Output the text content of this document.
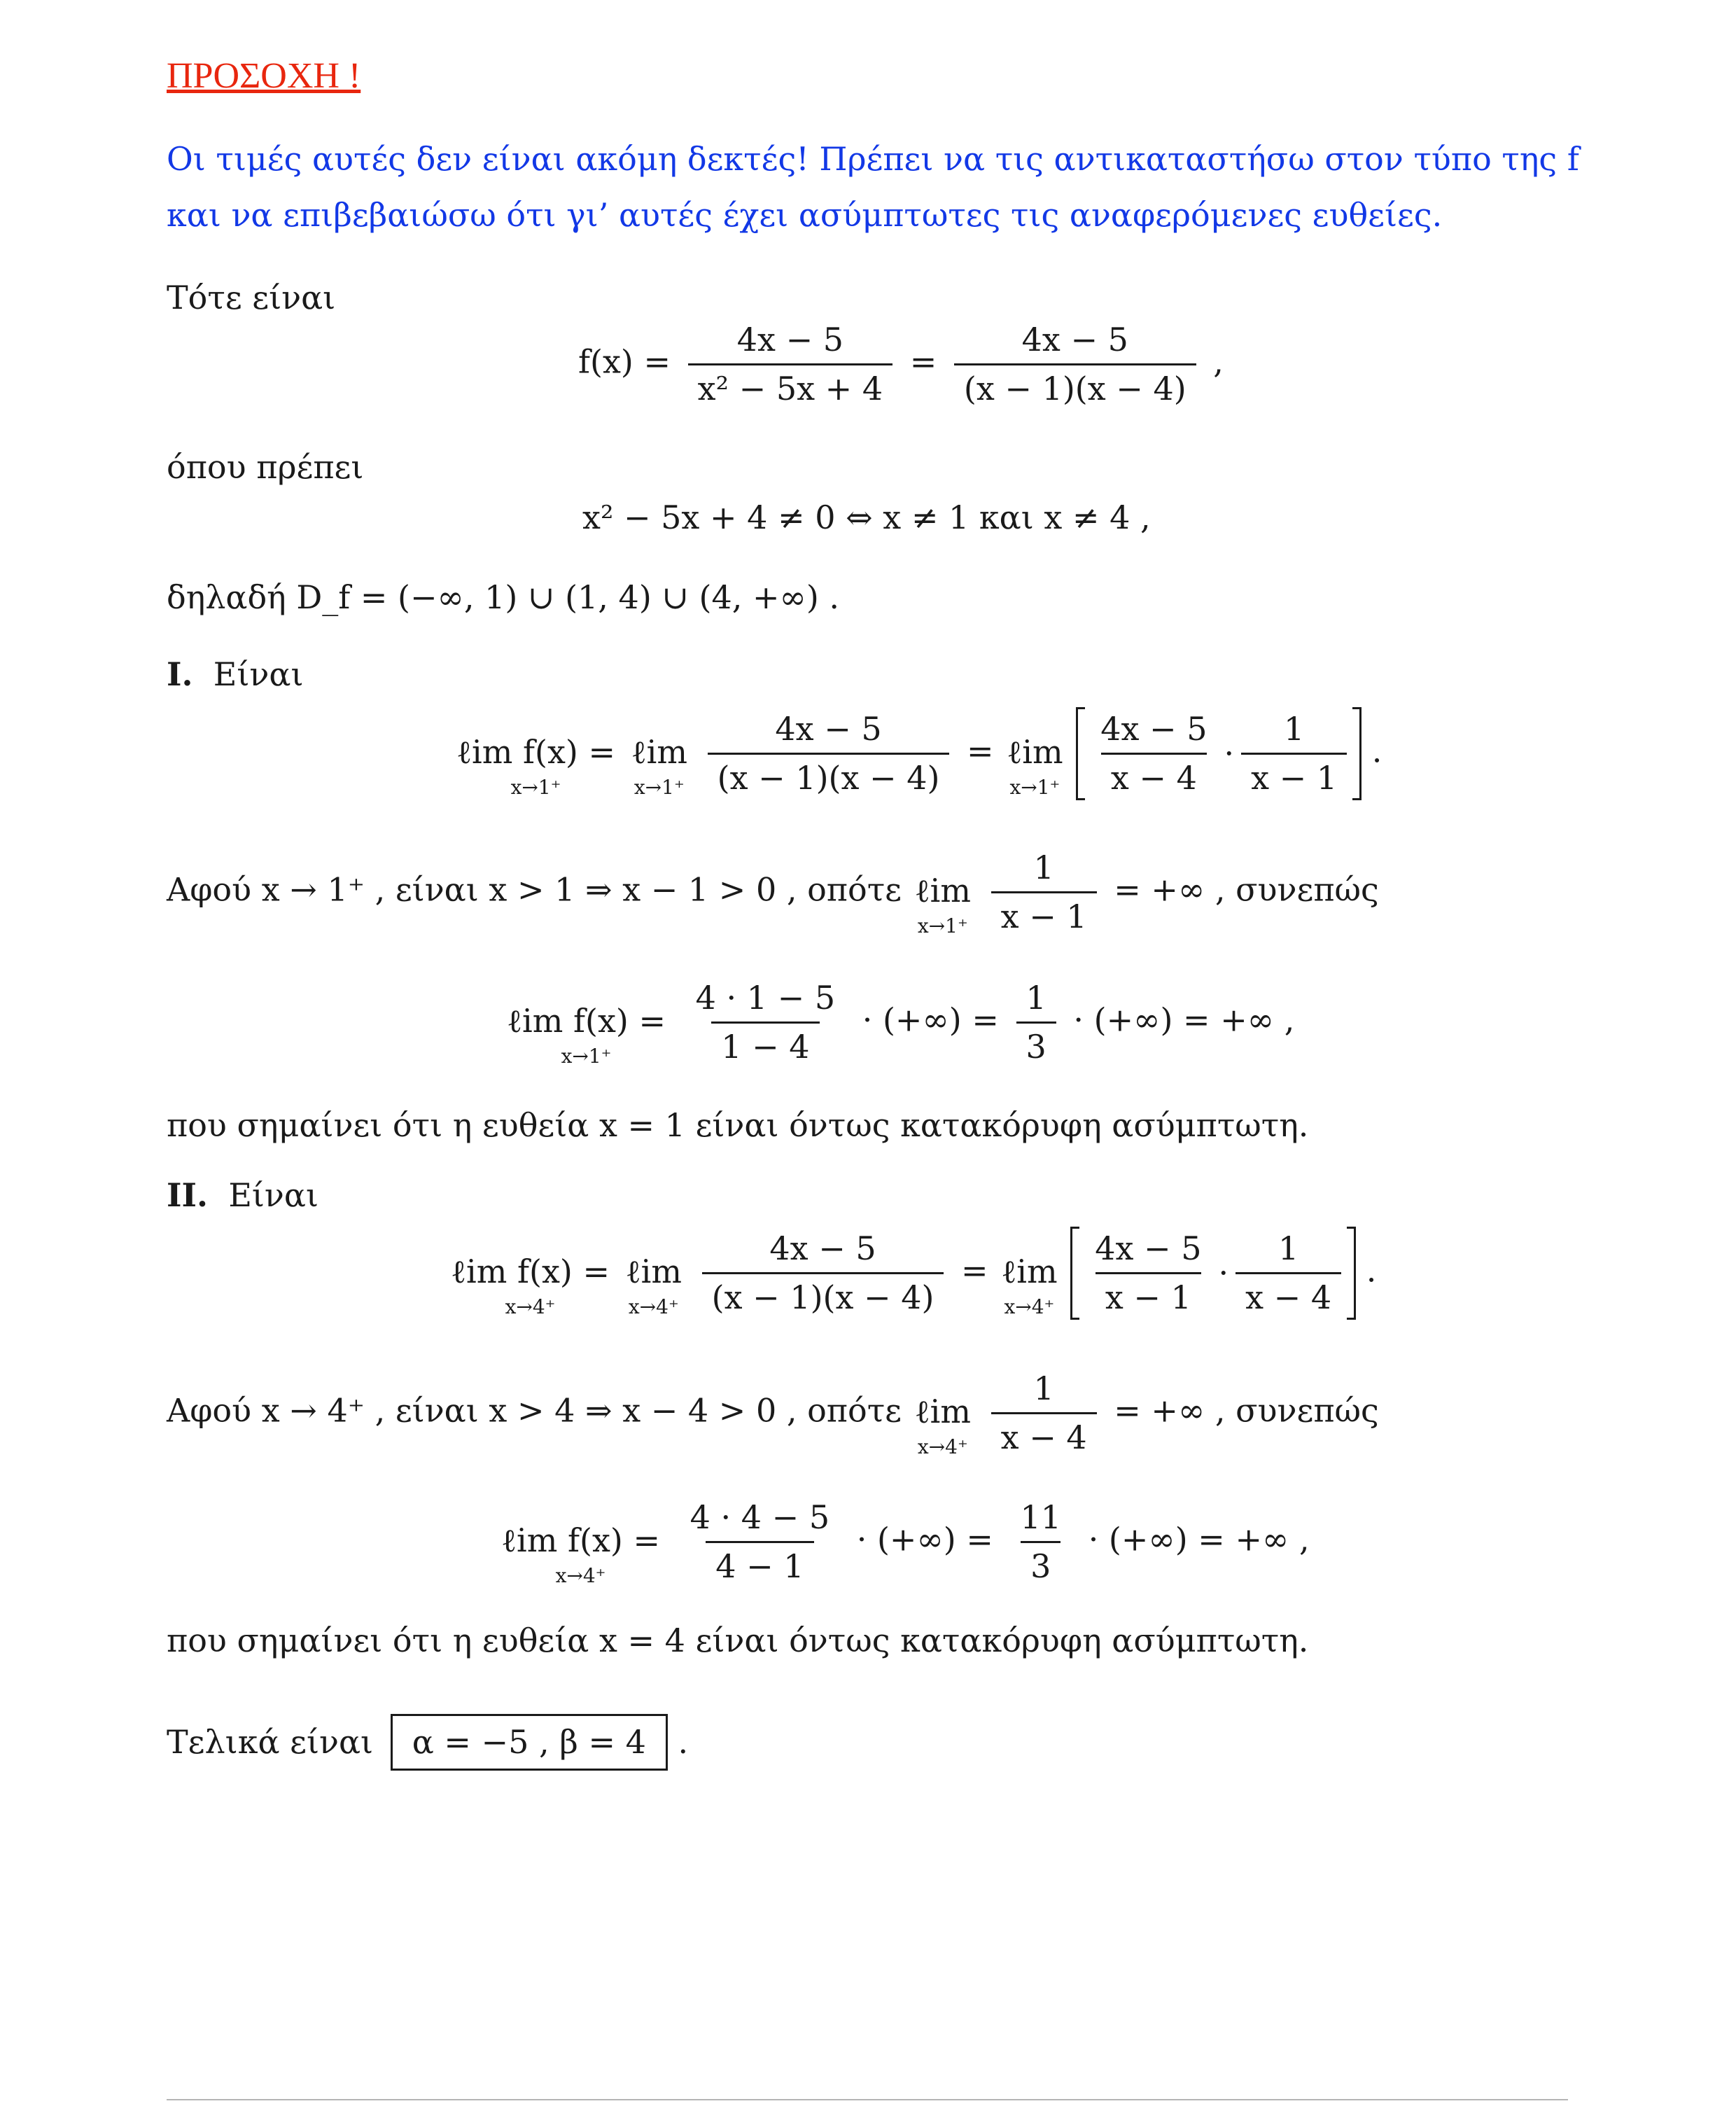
ΠΡΟΣΟΧΗ !
Οι τιμές αυτές δεν είναι ακόμη δεκτές! Πρέπει να τις αντικαταστήσω στον τύπο της f
και να επιβεβαιώσω ότι γι’ αυτές έχει ασύμπτωτες τις αναφερόμενες ευθείες.
Τότε είναι
$f(x) = \frac{4x - 5}{\text{x² − 5x + 4}} = \frac{4x - 5}{(x - 1)(x - 4)}$ ,
όπου πρέπει
x² − 5x + 4 ≠ 0 ⇔ x ≠ 1 και x ≠ 4 ,
δηλαδή D_f = (−∞, 1) ∪ (1, 4) ∪ (4, +∞) .
I. Είναι
ℓim f(x) =
x→1⁺

ℓim
x→1⁺
$\frac{4x - 5}{(x - 1)(x - 4)}$ = ℓim
x→1⁺
$\frac{4x - 5}{x - 4} \cdot \frac{1}{x - 1}$ .
Αφού x → 1⁺ , είναι x > 1 ⇒ x − 1 > 0 , οπότε ℓim
x→1⁺
$\frac{1}{x - 1}$ = +∞ , συνεπώς
ℓim f(x) =
x→1⁺
$\frac{4 \cdot 1 - 5}{1 - 4}$ · (+∞) = $\frac{1}{3}$ · (+∞) = +∞ ,
που σημαίνει ότι η ευθεία x = 1 είναι όντως κατακόρυφη ασύμπτωτη.
II. Είναι
ℓim f(x) =
x→4⁺

ℓim
x→4⁺
$\frac{4x - 5}{(x - 1)(x - 4)}$ = ℓim
x→4⁺
$\frac{4x - 5}{x - 1} \cdot \frac{1}{x - 4}$ .
Αφού x → 4⁺ , είναι x > 4 ⇒ x − 4 > 0 , οπότε ℓim
x→4⁺
$\frac{1}{x - 4}$ = +∞ , συνεπώς
ℓim f(x) =
x→4⁺
$\frac{4 \cdot 4 - 5}{4 - 1}$ · (+∞) = $\frac{11}{3}$ · (+∞) = +∞ ,
που σημαίνει ότι η ευθεία x = 4 είναι όντως κατακόρυφη ασύμπτωτη.
Τελικά είναι α = −5 , β = 4 .
